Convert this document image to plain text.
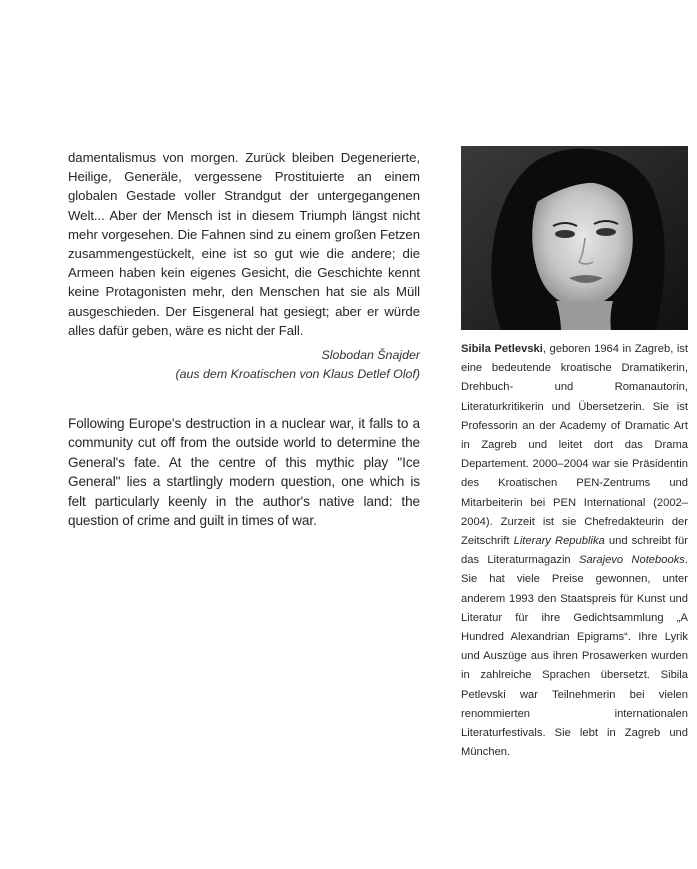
damentalismus von morgen. Zurück bleiben Degenerierte, Heilige, Generäle, vergessene Prostituierte an einem globalen Gestade voller Strandgut der untergegangenen Welt... Aber der Mensch ist in diesem Triumph längst nicht mehr vorgesehen. Die Fahnen sind zu einem großen Fetzen zusammengestückelt, eine ist so gut wie die andere; die Armeen haben kein eigenes Gesicht, die Geschichte kennt keine Protagonisten mehr, den Menschen hat sie als Müll ausgeschieden. Der Eisgeneral hat gesiegt; aber er würde alles dafür geben, wäre es nicht der Fall.

Slobodan Šnajder

(aus dem Kroatischen von Klaus Detlef Olof)

Following Europe's destruction in a nuclear war, it falls to a community cut off from the outside world to determine the General's fate. At the centre of this mythic play "Ice General" lies a startlingly modern question, one which is felt particularly keenly in the author's native land: the question of crime and guilt in times of war.

Sibila Petlevski, geboren 1964 in Zagreb, ist eine bedeutende kroatische Dramatikerin, Drehbuch- und Romanautorin, Literaturkritikerin und Übersetzerin. Sie ist Professorin an der Academy of Dramatic Art in Zagreb und leitet dort das Drama Departement. 2000–2004 war sie Präsidentin des Kroatischen PEN-Zentrums und Mitarbeiterin bei PEN International (2002–2004). Zurzeit ist sie Chefredakteurin der Zeitschrift Literary Republika und schreibt für das Literaturmagazin Sarajevo Notebooks. Sie hat viele Preise gewonnen, unter anderem 1993 den Staatspreis für Kunst und Literatur für ihre Gedichtsammlung „A Hundred Alexandrian Epigrams“. Ihre Lyrik und Auszüge aus ihren Prosawerken wurden in zahlreiche Sprachen übersetzt. Sibila Petlevski war Teilnehmerin bei vielen renommierten internationalen Literaturfestivals. Sie lebt in Zagreb und München.
